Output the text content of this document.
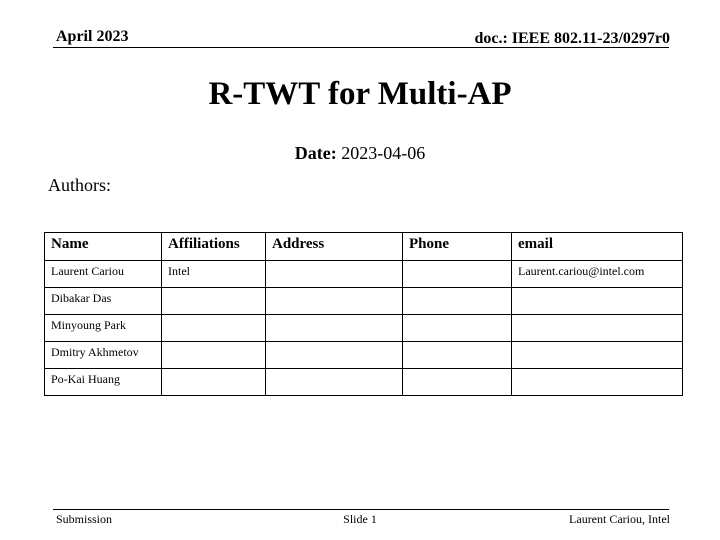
April 2023	doc.: IEEE 802.11-23/0297r0
R-TWT for Multi-AP
Date: 2023-04-06
Authors:
Name	Affiliations	Address	Phone	email
Laurent Cariou	Intel			Laurent.cariou@intel.com
Dibakar Das				
Minyoung Park				
Dmitry Akhmetov				
Po-Kai Huang				
Submission	Slide 1	Laurent Cariou, Intel
